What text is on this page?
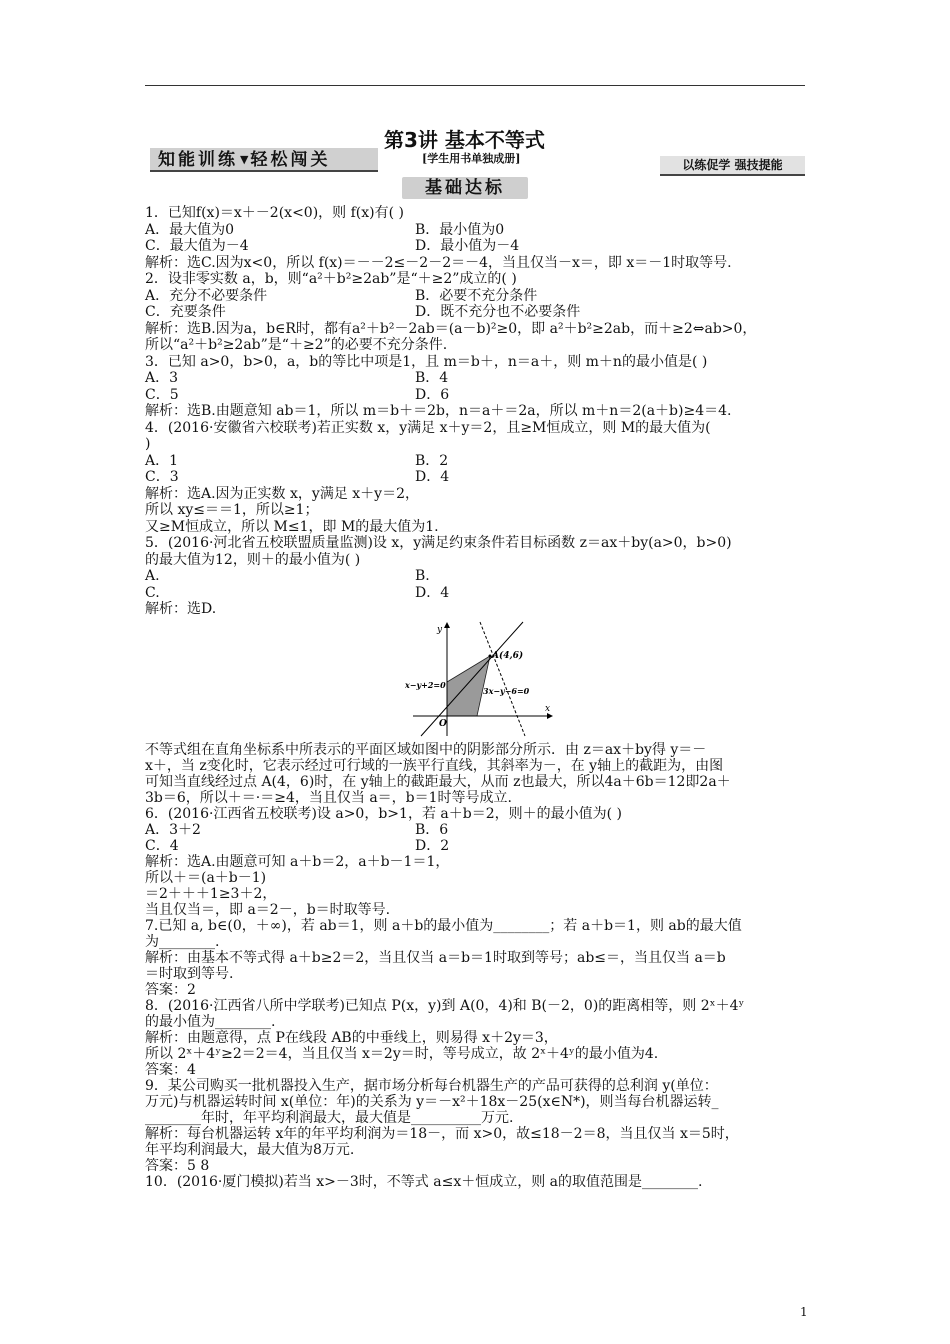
知能训练 ▼ 轻松闯关
第3讲 基本不等式
[学生用书单独成册]	以练促学 强技提能
基础达标
1．已知f(x)＝x＋－2(x<0)，则 f(x)有( )
A．最大值为0	B．最小值为0
C．最大值为－4	D．最小值为－4
解析：选C.因为x<0，所以 f(x)＝－－2≤－2－2＝－4，当且仅当－x＝，即 x＝－1时取等号.
2．设非零实数 a，b，则“a²＋b²≥2ab”是“＋≥2”成立的( )
A．充分不必要条件	B．必要不充分条件
C．充要条件	D．既不充分也不必要条件
解析：选B.因为a，b∈R时，都有a²＋b²－2ab＝(a－b)²≥0，即 a²＋b²≥2ab，而＋≥2⇔ab>0，
所以“a²＋b²≥2ab”是“＋≥2”的必要不充分条件.
3．已知 a>0，b>0，a，b的等比中项是1，且 m＝b＋，n＝a＋，则 m＋n的最小值是( )
A．3	B．4
C．5	D．6
解析：选B.由题意知 ab＝1，所以 m＝b＋＝2b，n＝a＋＝2a，所以 m＋n＝2(a＋b)≥4＝4.
4．(2016·安徽省六校联考)若正实数 x，y满足 x＋y＝2，且≥M恒成立，则 M的最大值为(
)
A．1	B．2
C．3	D．4
解析：选A.因为正实数 x，y满足 x＋y＝2，
所以 xy≤＝＝1，所以≥1；
又≥M恒成立，所以 M≤1，即 M的最大值为1.
5．(2016·河北省五校联盟质量监测)设 x，y满足约束条件若目标函数 z＝ax＋by(a>0，b>0)
的最大值为12，则＋的最小值为( )
A.	B.
C.	D．4
解析：选D.
不等式组在直角坐标系中所表示的平面区域如图中的阴影部分所示．由 z＝ax＋by得 y＝－
x＋，当 z变化时，它表示经过可行域的一族平行直线，其斜率为－，在 y轴上的截距为，由图
可知当直线经过点 A(4，6)时，在 y轴上的截距最大，从而 z也最大，所以4a＋6b＝12即2a＋
3b＝6，所以＋＝·＝≥4，当且仅当 a＝，b＝1时等号成立.
6．(2016·江西省五校联考)设 a>0，b>1，若 a＋b＝2，则＋的最小值为( )
A．3＋2	B．6
C．4	D．2
解析：选A.由题意可知 a＋b＝2，a＋b－1＝1，
所以＋＝(a＋b－1)
＝2＋＋＋1≥3＋2，
当且仅当＝，即 a＝2－，b＝时取等号.
7.已知 a, b∈(0，＋∞)，若 ab＝1，则 a＋b的最小值为________；若 a＋b＝1，则 ab的最大值
为________.
解析：由基本不等式得 a＋b≥2＝2，当且仅当 a＝b＝1时取到等号；ab≤＝，当且仅当 a＝b
＝时取到等号.
答案：2
8．(2016·江西省八所中学联考)已知点 P(x，y)到 A(0，4)和 B(－2，0)的距离相等，则 2ˣ＋4ʸ
的最小值为________.
解析：由题意得，点 P在线段 AB的中垂线上，则易得 x＋2y＝3，
所以 2ˣ＋4ʸ≥2＝2＝4，当且仅当 x＝2y＝时，等号成立，故 2ˣ＋4ʸ的最小值为4.
答案：4
9．某公司购买一批机器投入生产，据市场分析每台机器生产的产品可获得的总利润 y(单位：
万元)与机器运转时间 x(单位：年)的关系为 y＝－x²＋18x－25(x∈N*)，则当每台机器运转_
________年时，年平均利润最大，最大值是__________万元.
解析：每台机器运转 x年的年平均利润为＝18－，而 x>0，故≤18－2＝8，当且仅当 x＝5时，
年平均利润最大，最大值为8万元.
答案：5 8
10．(2016·厦门模拟)若当 x>－3时，不等式 a≤x＋恒成立，则 a的取值范围是________.
x
y
O
A(4,6)
x−y+2=0
3x−y−6=0
1
